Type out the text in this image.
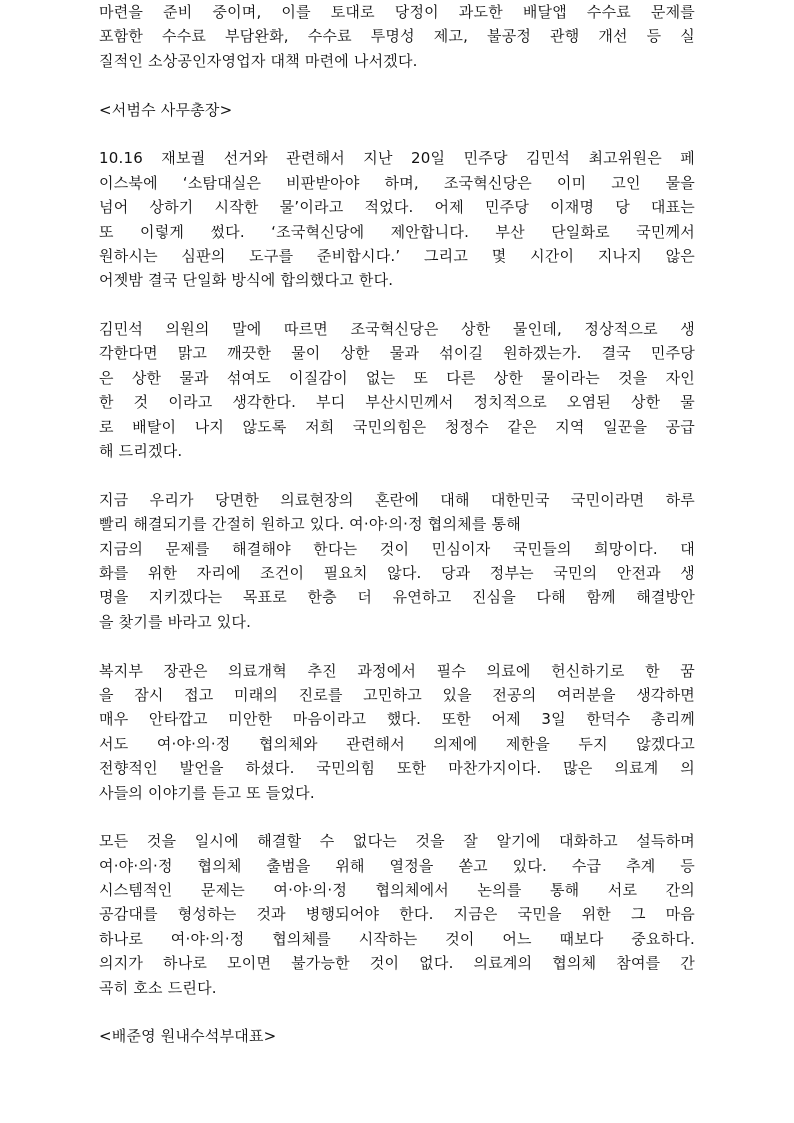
마련을 준비 중이며, 이를 토대로 당정이 과도한 배달앱 수수료 문제를
포함한 수수료 부담완화, 수수료 투명성 제고, 불공정 관행 개선 등 실
질적인 소상공인자영업자 대책 마련에 나서겠다.
<서범수 사무총장>
10.16 재보궐 선거와 관련해서 지난 20일 민주당 김민석 최고위원은 페
이스북에 ‘소탐대실은 비판받아야 하며, 조국혁신당은 이미 고인 물을
넘어 상하기 시작한 물’이라고 적었다. 어제 민주당 이재명 당 대표는
또 이렇게 썼다. ‘조국혁신당에 제안합니다. 부산 단일화로 국민께서
원하시는 심판의 도구를 준비합시다.’ 그리고 몇 시간이 지나지 않은
어젯밤 결국 단일화 방식에 합의했다고 한다.
김민석 의원의 말에 따르면 조국혁신당은 상한 물인데, 정상적으로 생
각한다면 맑고 깨끗한 물이 상한 물과 섞이길 원하겠는가. 결국 민주당
은 상한 물과 섞여도 이질감이 없는 또 다른 상한 물이라는 것을 자인
한 것 이라고 생각한다. 부디 부산시민께서 정치적으로 오염된 상한 물
로 배탈이 나지 않도록 저희 국민의힘은 청정수 같은 지역 일꾼을 공급
해 드리겠다.
지금 우리가 당면한 의료현장의 혼란에 대해 대한민국 국민이라면 하루
빨리 해결되기를 간절히 원하고 있다. 여·야·의·정 협의체를 통해
지금의 문제를 해결해야 한다는 것이 민심이자 국민들의 희망이다. 대
화를 위한 자리에 조건이 필요치 않다. 당과 정부는 국민의 안전과 생
명을 지키겠다는 목표로 한층 더 유연하고 진심을 다해 함께 해결방안
을 찾기를 바라고 있다.
복지부 장관은 의료개혁 추진 과정에서 필수 의료에 헌신하기로 한 꿈
을 잠시 접고 미래의 진로를 고민하고 있을 전공의 여러분을 생각하면
매우 안타깝고 미안한 마음이라고 했다. 또한 어제 3일 한덕수 총리께
서도 여·야·의·정 협의체와 관련해서 의제에 제한을 두지 않겠다고
전향적인 발언을 하셨다. 국민의힘 또한 마찬가지이다. 많은 의료계 의
사들의 이야기를 듣고 또 들었다.
모든 것을 일시에 해결할 수 없다는 것을 잘 알기에 대화하고 설득하며
여·야·의·정 협의체 출범을 위해 열정을 쏟고 있다. 수급 추계 등
시스템적인 문제는 여·야·의·정 협의체에서 논의를 통해 서로 간의
공감대를 형성하는 것과 병행되어야 한다. 지금은 국민을 위한 그 마음
하나로 여·야·의·정 협의체를 시작하는 것이 어느 때보다 중요하다.
의지가 하나로 모이면 불가능한 것이 없다. 의료계의 협의체 참여를 간
곡히 호소 드린다.
<배준영 원내수석부대표>
